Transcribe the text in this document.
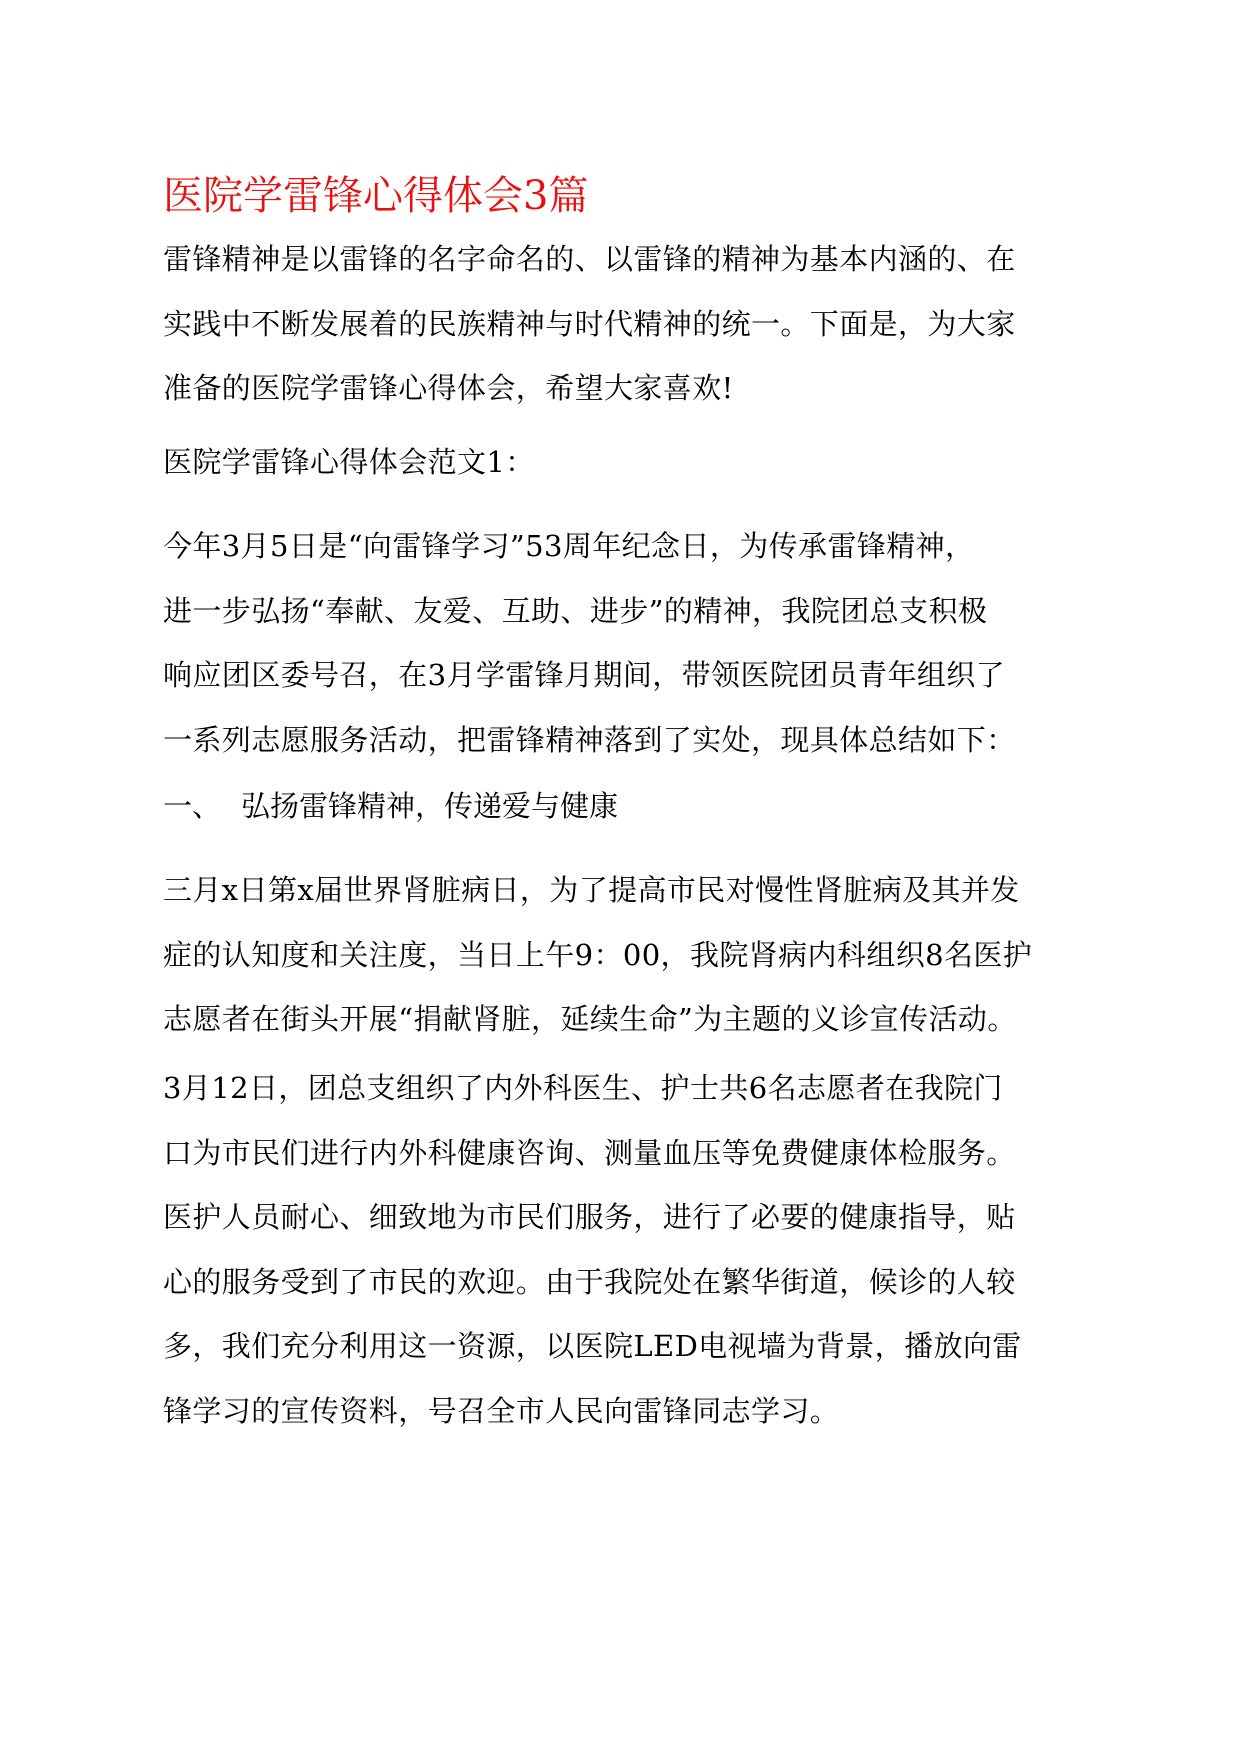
医院学雷锋心得体会3篇
雷锋精神是以雷锋的名字命名的、以雷锋的精神为基本内涵的、在
实践中不断发展着的民族精神与时代精神的统一。下面是，为大家
准备的医院学雷锋心得体会，希望大家喜欢!
医院学雷锋心得体会范文1：
今年3月5日是“向雷锋学习”53周年纪念日，为传承雷锋精神，
进一步弘扬“奉献、友爱、互助、进步”的精神，我院团总支积极
响应团区委号召，在3月学雷锋月期间，带领医院团员青年组织了
一系列志愿服务活动，把雷锋精神落到了实处，现具体总结如下：
一、 弘扬雷锋精神，传递爱与健康
三月x日第x届世界肾脏病日，为了提高市民对慢性肾脏病及其并发
症的认知度和关注度，当日上午9：00，我院肾病内科组织8名医护
志愿者在街头开展“捐献肾脏，延续生命”为主题的义诊宣传活动。
3月12日，团总支组织了内外科医生、护士共6名志愿者在我院门
口为市民们进行内外科健康咨询、测量血压等免费健康体检服务。
医护人员耐心、细致地为市民们服务，进行了必要的健康指导，贴
心的服务受到了市民的欢迎。由于我院处在繁华街道，候诊的人较
多，我们充分利用这一资源，以医院LED电视墙为背景，播放向雷
锋学习的宣传资料，号召全市人民向雷锋同志学习。
